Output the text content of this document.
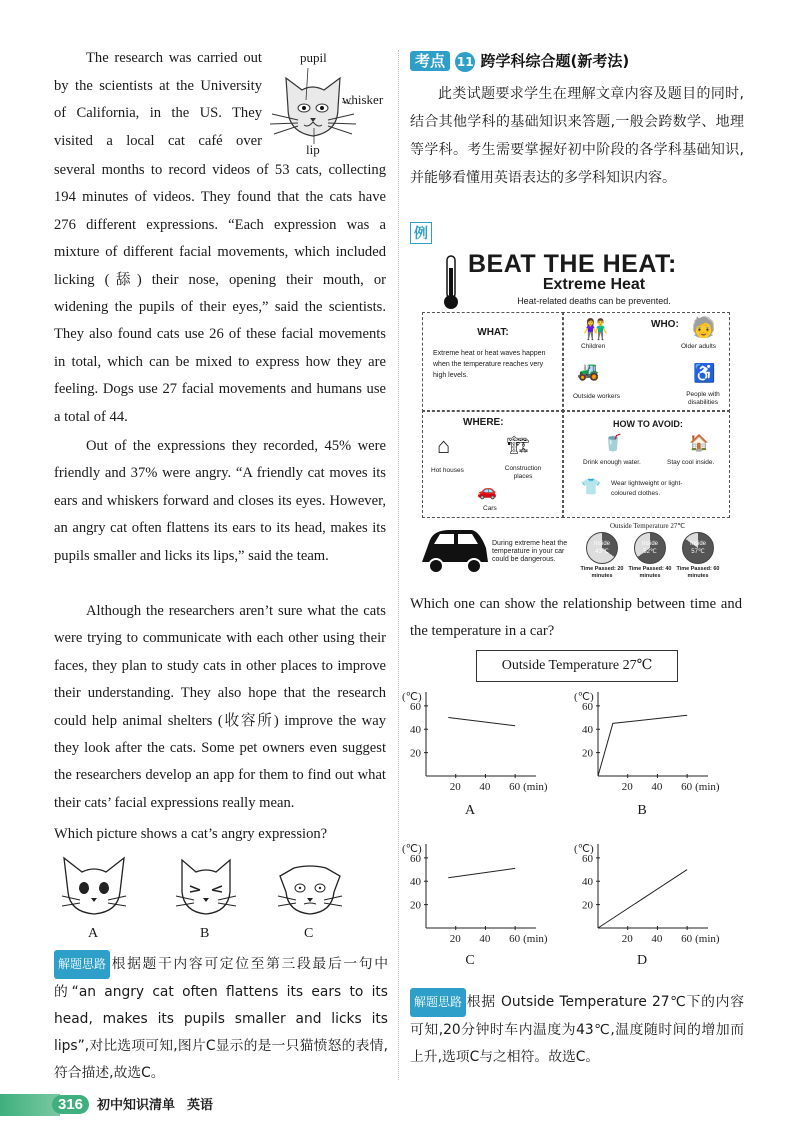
The research was carried out
by the scientists at the University
of California, in the US. They
visited a local cat café over
pupil
whisker
lip
several months to record videos of 53 cats, collecting 194 minutes of videos. They found that the cats have 276 different expressions. “Each expression was a mixture of different facial movements, which included licking (舔) their nose, opening their mouth, or widening the pupils of their eyes,” said the scientists. They also found cats use 26 of these facial movements in total, which can be mixed to express how they are feeling. Dogs use 27 facial movements and humans use a total of 44.
Out of the expressions they recorded, 45% were friendly and 37% were angry. “A friendly cat moves its ears and whiskers forward and closes its eyes. However, an angry cat often flattens its ears to its head, makes its pupils smaller and licks its lips,” said the team.
Although the researchers aren’t sure what the cats were trying to communicate with each other using their faces, they plan to study cats in other places to improve their understanding. They also hope that the research could help animal shelters (收容所) improve the way they look after the cats. Some pet owners even suggest the researchers develop an app for them to find out what their cats’ facial expressions really mean.
Which picture shows a cat’s angry expression?
A	B	C
解题思路 根据题干内容可定位至第三段最后一句中的“an angry cat often flattens its ears to its head, makes its pupils smaller and licks its lips”,对比选项可知,图片C显示的是一只猫愤怒的表情,符合描述,故选C。
考点 11 跨学科综合题(新考法)
此类试题要求学生在理解文章内容及题目的同时,结合其他学科的基础知识来答题,一般会跨数学、地理等学科。考生需要掌握好初中阶段的各学科基础知识,并能够看懂用英语表达的多学科知识内容。
例
BEAT THE HEAT:
Extreme Heat
Heat-related deaths can be prevented.
WHAT:
Extreme heat or heat waves happen when the temperature reaches very high levels.
WHO:
👫
Children
🧓
Older adults
🚜
Outside workers
♿
People with disabilities
WHERE:
⌂
Hot houses
🏗
Construction places
🚗
Cars
HOW TO AVOID:
🥤
Drink enough water.
🏠
Stay cool inside.
👕 Wear lightweight or light-coloured clothes.
During extreme heat the temperature in your car could be dangerous.
Outside Temperature 27℃
Inside 43℃
Time Passed: 20 minutes
Inside 52℃
Time Passed: 40 minutes
Inside 57℃
Time Passed: 60 minutes
Which one can show the relationship between time and the temperature in a car?
Outside Temperature 27℃
(℃)
20
40
60
20 40 60 (min)
A
(℃)
20
40
60
20 40 60 (min)
B
(℃)
20
40
60
20 40 60 (min)
C
(℃)
20
40
60
20 40 60 (min)
D
解题思路 根据 Outside Temperature 27℃下的内容可知,20分钟时车内温度为43℃,温度随时间的增加而上升,选项C与之相符。故选C。
316 初中知识清单 英语
